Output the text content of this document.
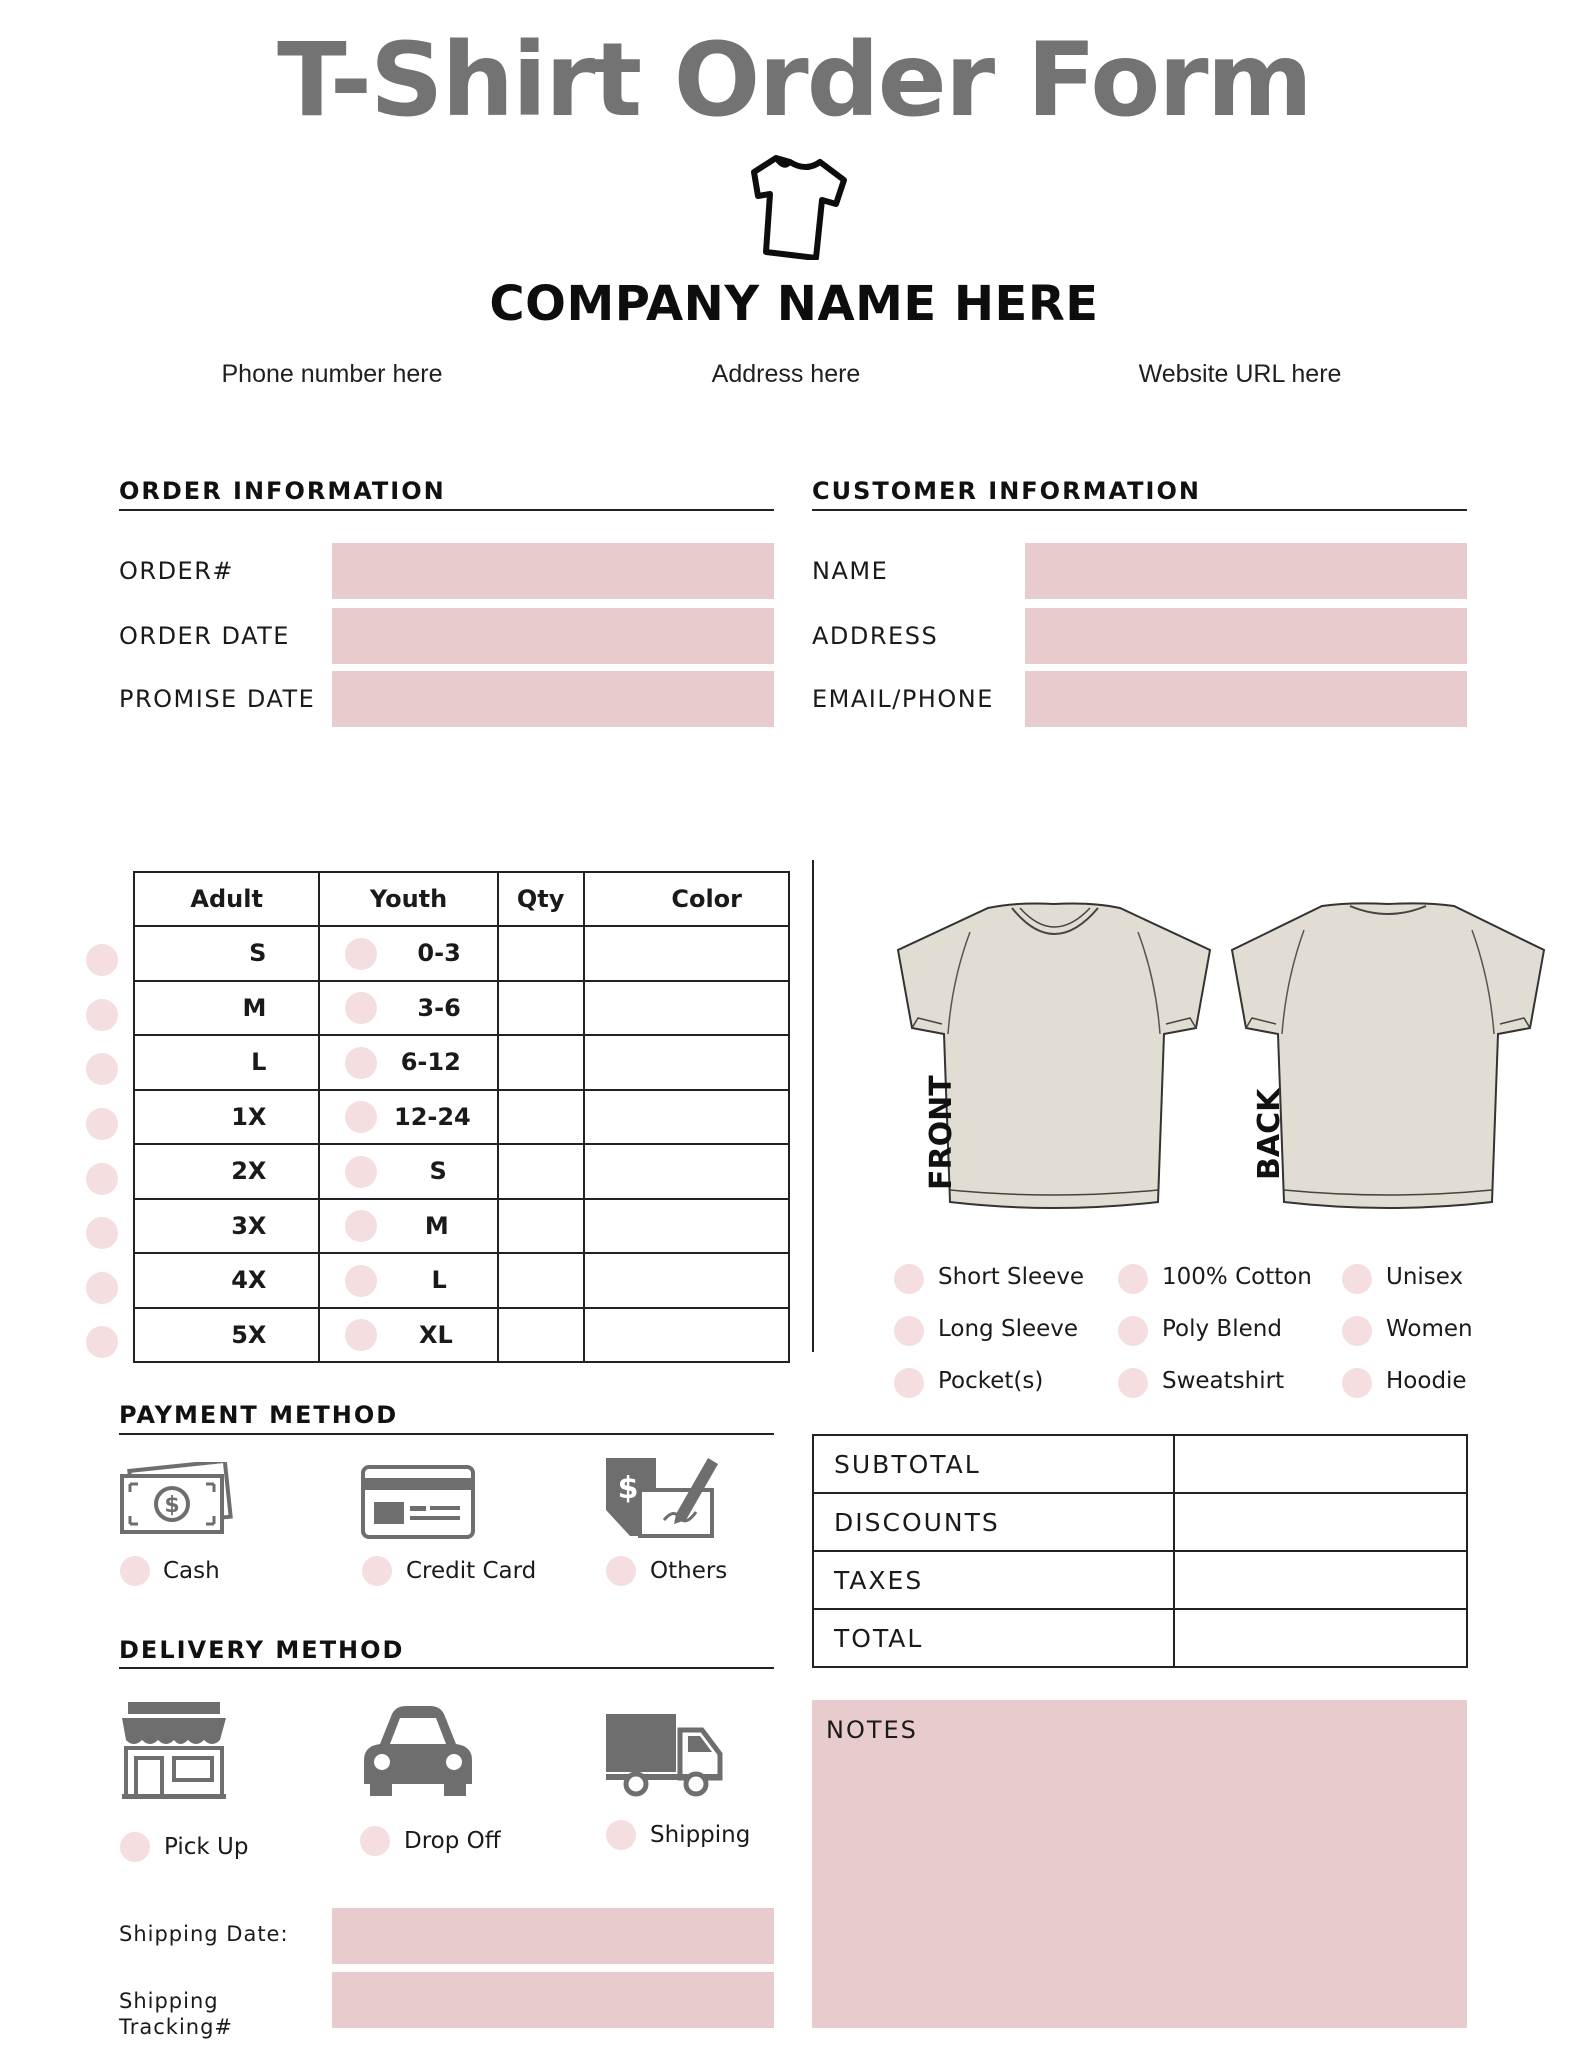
T-Shirt Order Form
COMPANY NAME HERE
Phone number here	Address here	Website URL here
ORDER INFORMATION
ORDER#
ORDER DATE
PROMISE DATE
CUSTOMER INFORMATION
NAME
ADDRESS
EMAIL/PHONE
Adult	Youth	Qty	Color
S	0-3		
M	3-6		
L	6-12		
1X	12-24		
2X	S		
3X	M		
4X	L		
5X	XL		
FRONT	BACK
Short Sleeve	100% Cotton	Unisex
Long Sleeve	Poly Blend	Women
Pocket(s)	Sweatshirt	Hoodie
PAYMENT METHOD
$
Cash	Credit Card
$
Others
DELIVERY METHOD
Pick Up	Drop Off	Shipping
Shipping Date:
Shipping
Tracking#
SUBTOTAL	
DISCOUNTS	
TAXES	
TOTAL	
NOTES
